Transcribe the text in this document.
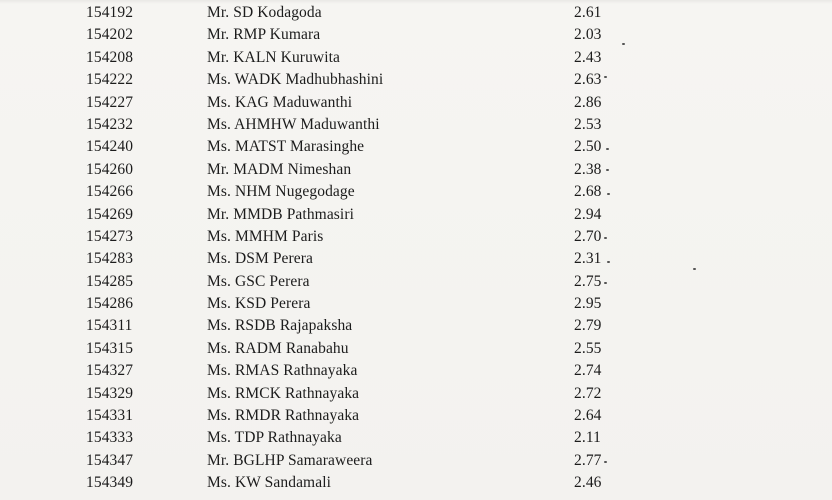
154192	Mr. SD Kodagoda	2.61
154202	Mr. RMP Kumara	2.03
154208	Mr. KALN Kuruwita	2.43
154222	Ms. WADK Madhubhashini	2.63
154227	Ms. KAG Maduwanthi	2.86
154232	Ms. AHMHW Maduwanthi	2.53
154240	Ms. MATST Marasinghe	2.50
154260	Mr. MADM Nimeshan	2.38
154266	Ms. NHM Nugegodage	2.68
154269	Mr. MMDB Pathmasiri	2.94
154273	Ms. MMHM Paris	2.70
154283	Ms. DSM Perera	2.31
154285	Ms. GSC Perera	2.75
154286	Ms. KSD Perera	2.95
154311	Ms. RSDB Rajapaksha	2.79
154315	Ms. RADM Ranabahu	2.55
154327	Ms. RMAS Rathnayaka	2.74
154329	Ms. RMCK Rathnayaka	2.72
154331	Ms. RMDR Rathnayaka	2.64
154333	Ms. TDP Rathnayaka	2.11
154347	Mr. BGLHP Samaraweera	2.77
154349	Ms. KW Sandamali	2.46
